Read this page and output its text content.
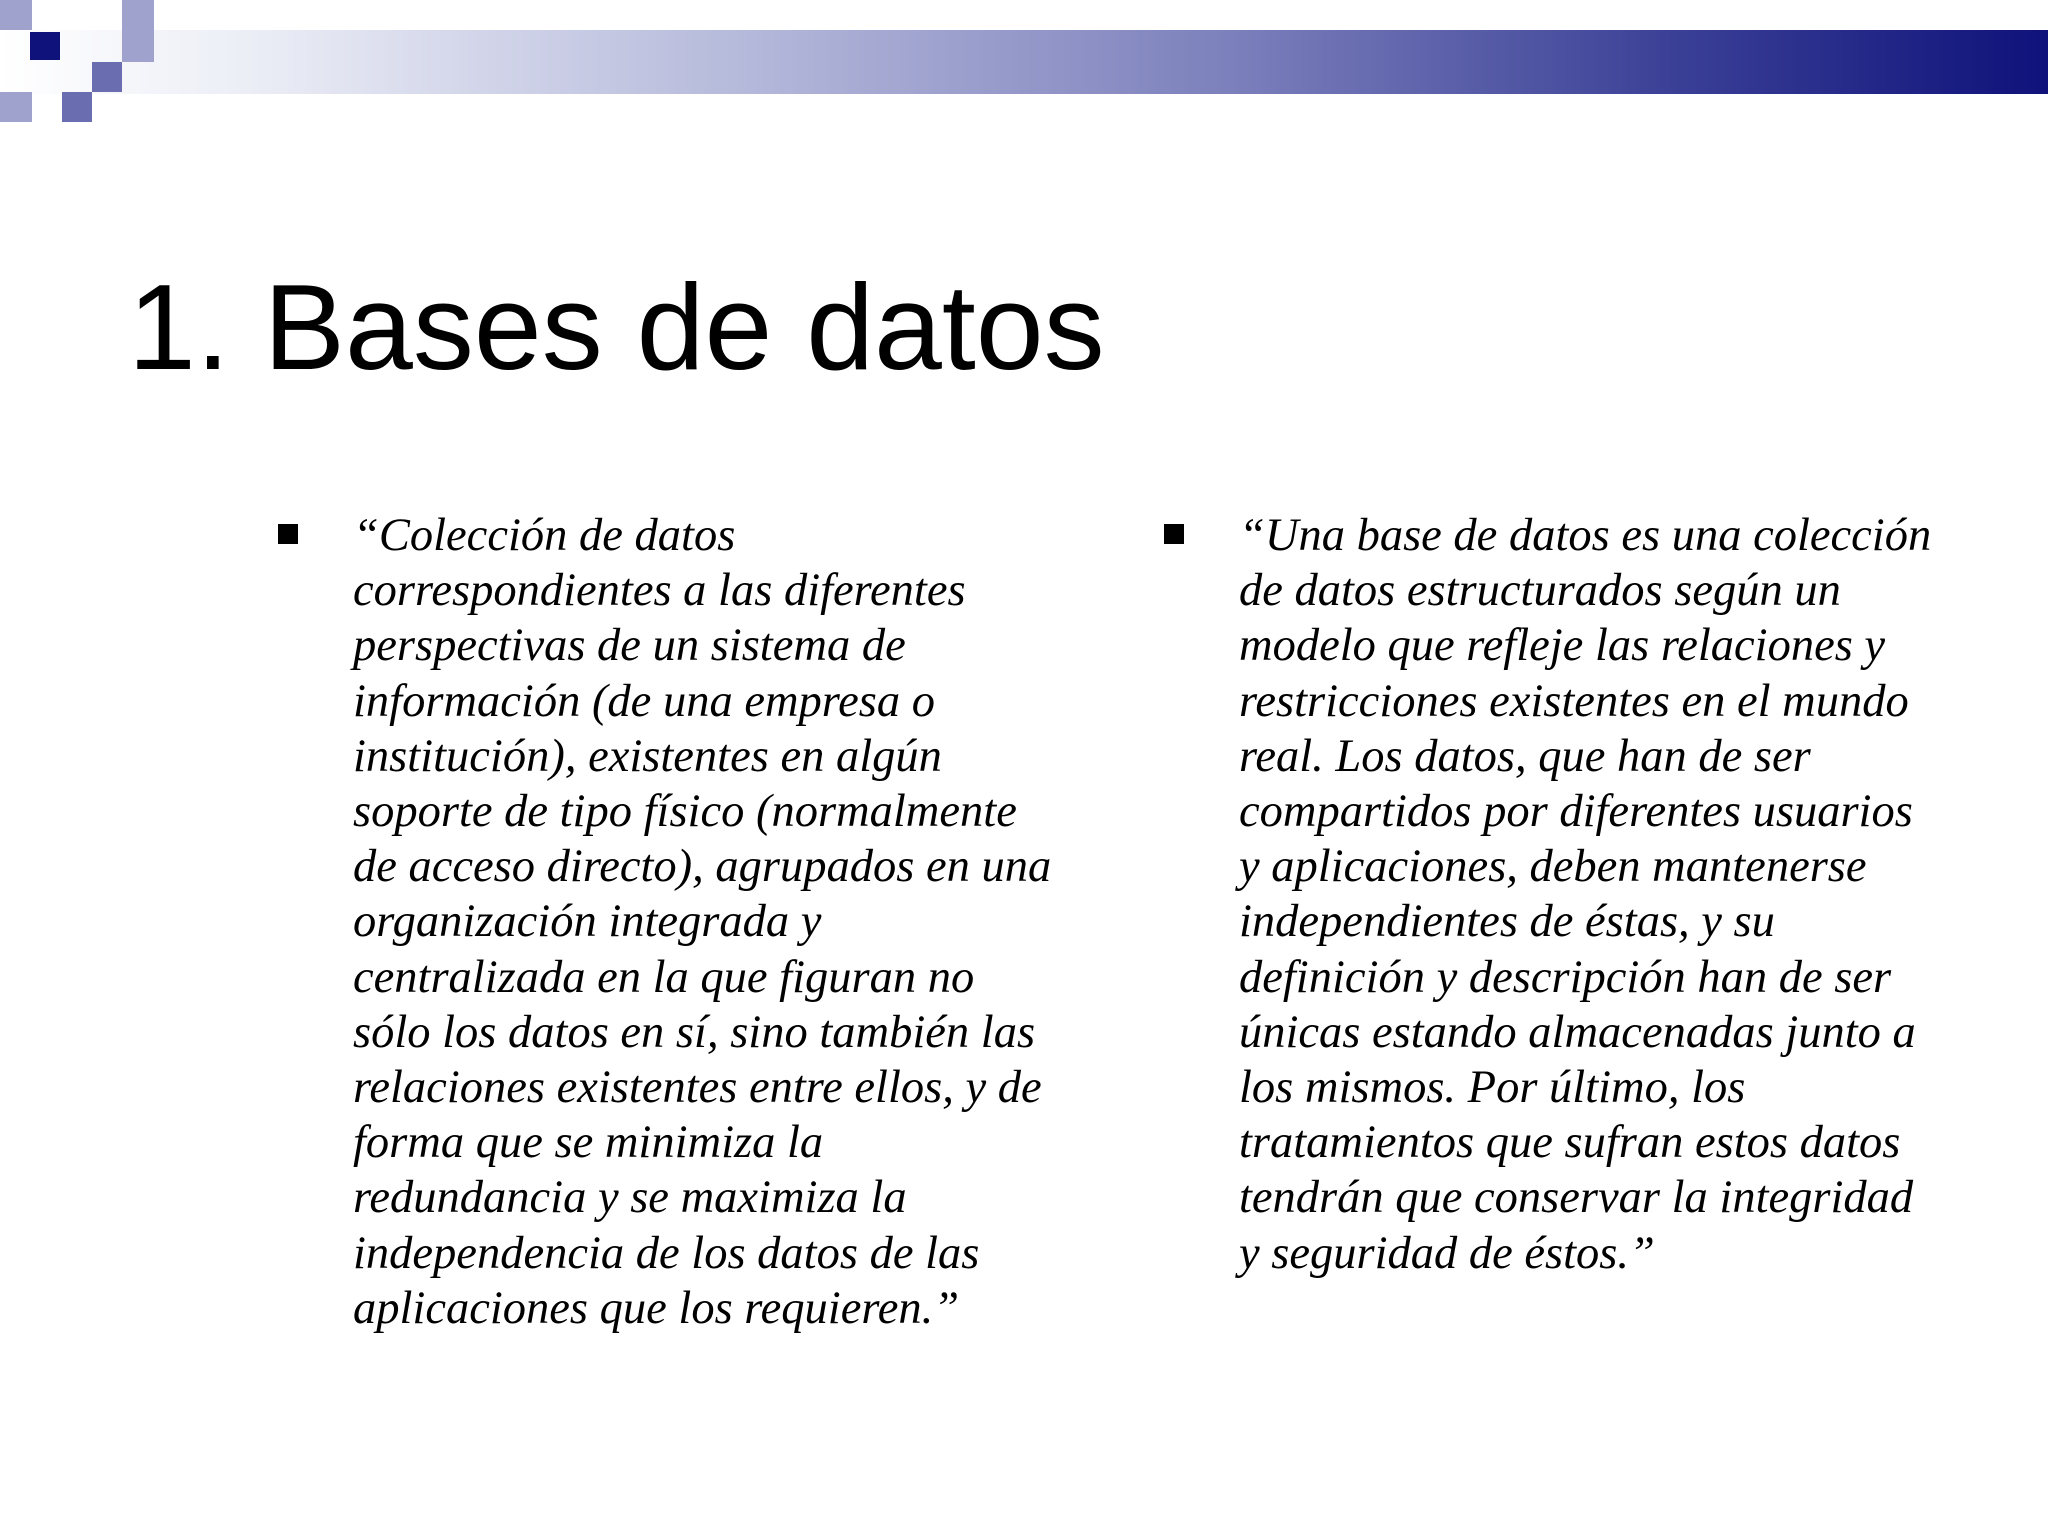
1. Bases de datos

“Colección de datos correspondientes a las diferentes perspectivas de un sistema de información (de una empresa o institución), existentes en algún soporte de tipo físico (normalmente de acceso directo), agrupados en una organización integrada y centralizada en la que figuran no sólo los datos en sí, sino también las relaciones existentes entre ellos, y de forma que se minimiza la redundancia y se maximiza la independencia de los datos de las aplicaciones que los requieren.”

“Una base de datos es una colección de datos estructurados según un modelo que refleje las relaciones y restricciones existentes en el mundo real. Los datos, que han de ser compartidos por diferentes usuarios y aplicaciones, deben mantenerse independientes de éstas, y su definición y descripción han de ser únicas estando almacenadas junto a los mismos. Por último, los tratamientos que sufran estos datos tendrán que conservar la integridad y seguridad de éstos.”
